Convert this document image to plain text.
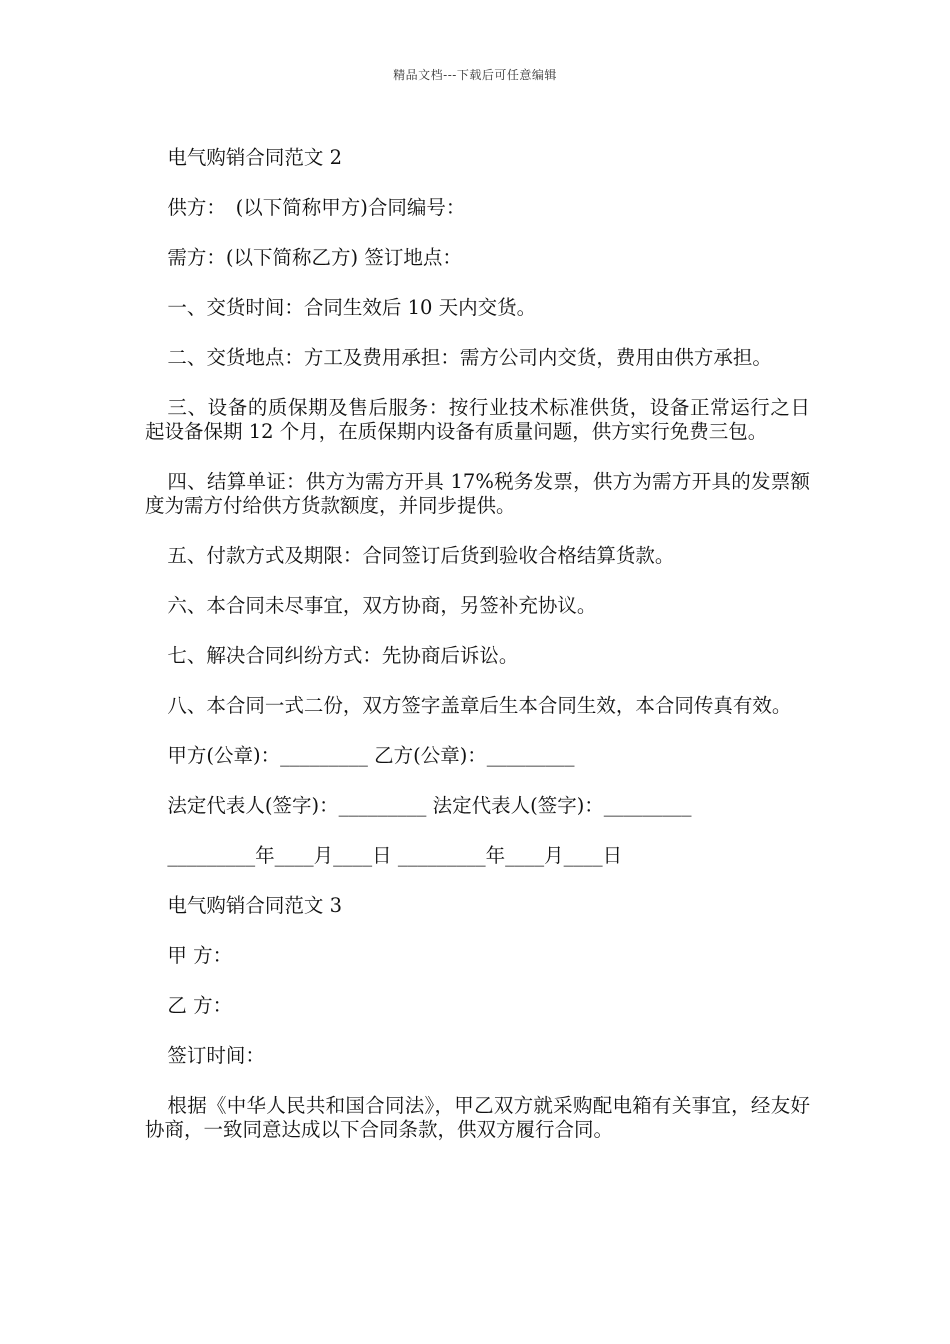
精品文档---下载后可任意编辑

电气购销合同范文 2

供方：　(以下简称甲方)合同编号：

需方：(以下简称乙方) 签订地点：

一、交货时间：合同生效后 10 天内交货。

二、交货地点：方工及费用承担：需方公司内交货，费用由供方承担。

三、设备的质保期及售后服务：按行业技术标准供货，设备正常运行之日起设备保期 12 个月，在质保期内设备有质量问题，供方实行免费三包。

四、结算单证：供方为需方开具 17%税务发票，供方为需方开具的发票额度为需方付给供方货款额度，并同步提供。

五、付款方式及期限：合同签订后货到验收合格结算货款。

六、本合同未尽事宜，双方协商，另签补充协议。

七、解决合同纠纷方式：先协商后诉讼。

八、本合同一式二份，双方签字盖章后生本合同生效，本合同传真有效。

甲方(公章)：_________ 乙方(公章)：_________

法定代表人(签字)：_________ 法定代表人(签字)：_________

_________年____月____日 _________年____月____日

电气购销合同范文 3

甲 方：

乙 方：

签订时间：

根据《中华人民共和国合同法》，甲乙双方就采购配电箱有关事宜，经友好协商，一致同意达成以下合同条款，供双方履行合同。
